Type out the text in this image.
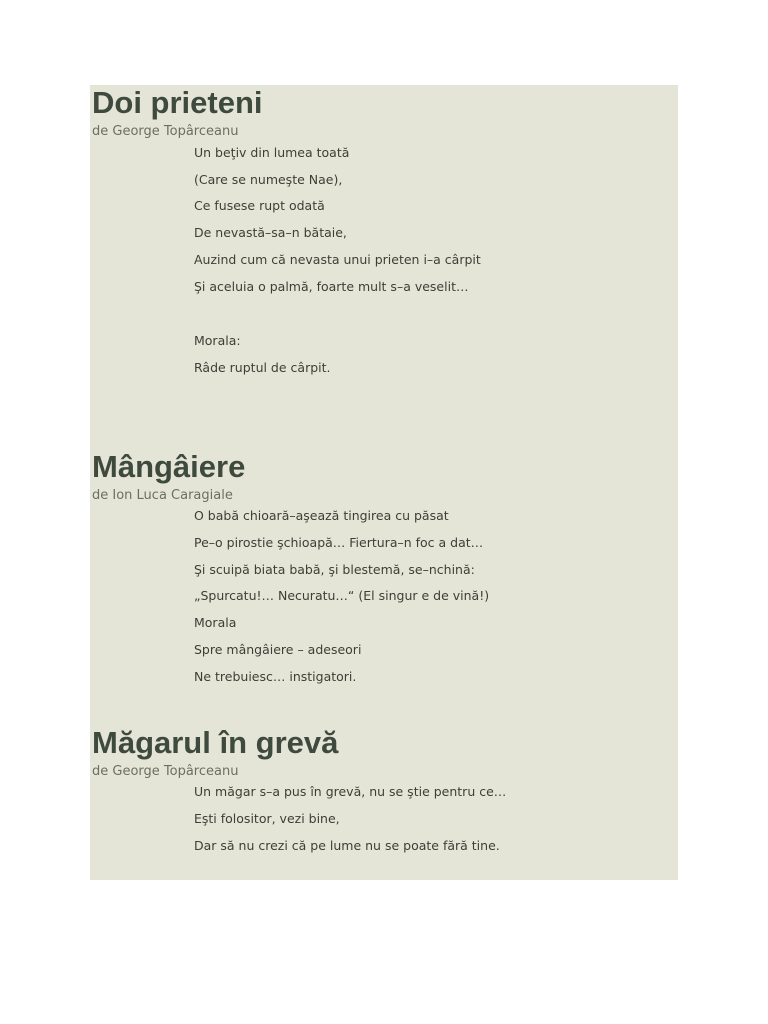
Doi prieteni
de George Topârceanu
Un beţiv din lumea toată
(Care se numeşte Nae),
Ce fusese rupt odată
De nevastă–sa–n bătaie,
Auzind cum că nevasta unui prieten i–a cârpit
Şi aceluia o palmă, foarte mult s–a veselit…
Morala:
Râde ruptul de cârpit.
Mângâiere
de Ion Luca Caragiale
O babă chioară–aşează tingirea cu păsat
Pe–o pirostie şchioapă… Fiertura–n foc a dat…
Şi scuipă biata babă, şi blestemă, se–nchină:
„Spurcatu!… Necuratu…“ (El singur e de vină!)
Morala
Spre mângâiere – adeseori
Ne trebuiesc… instigatori.
Măgarul în grevă
de George Topârceanu
Un măgar s–a pus în grevă, nu se ştie pentru ce…
Eşti folositor, vezi bine,
Dar să nu crezi că pe lume nu se poate fără tine.
